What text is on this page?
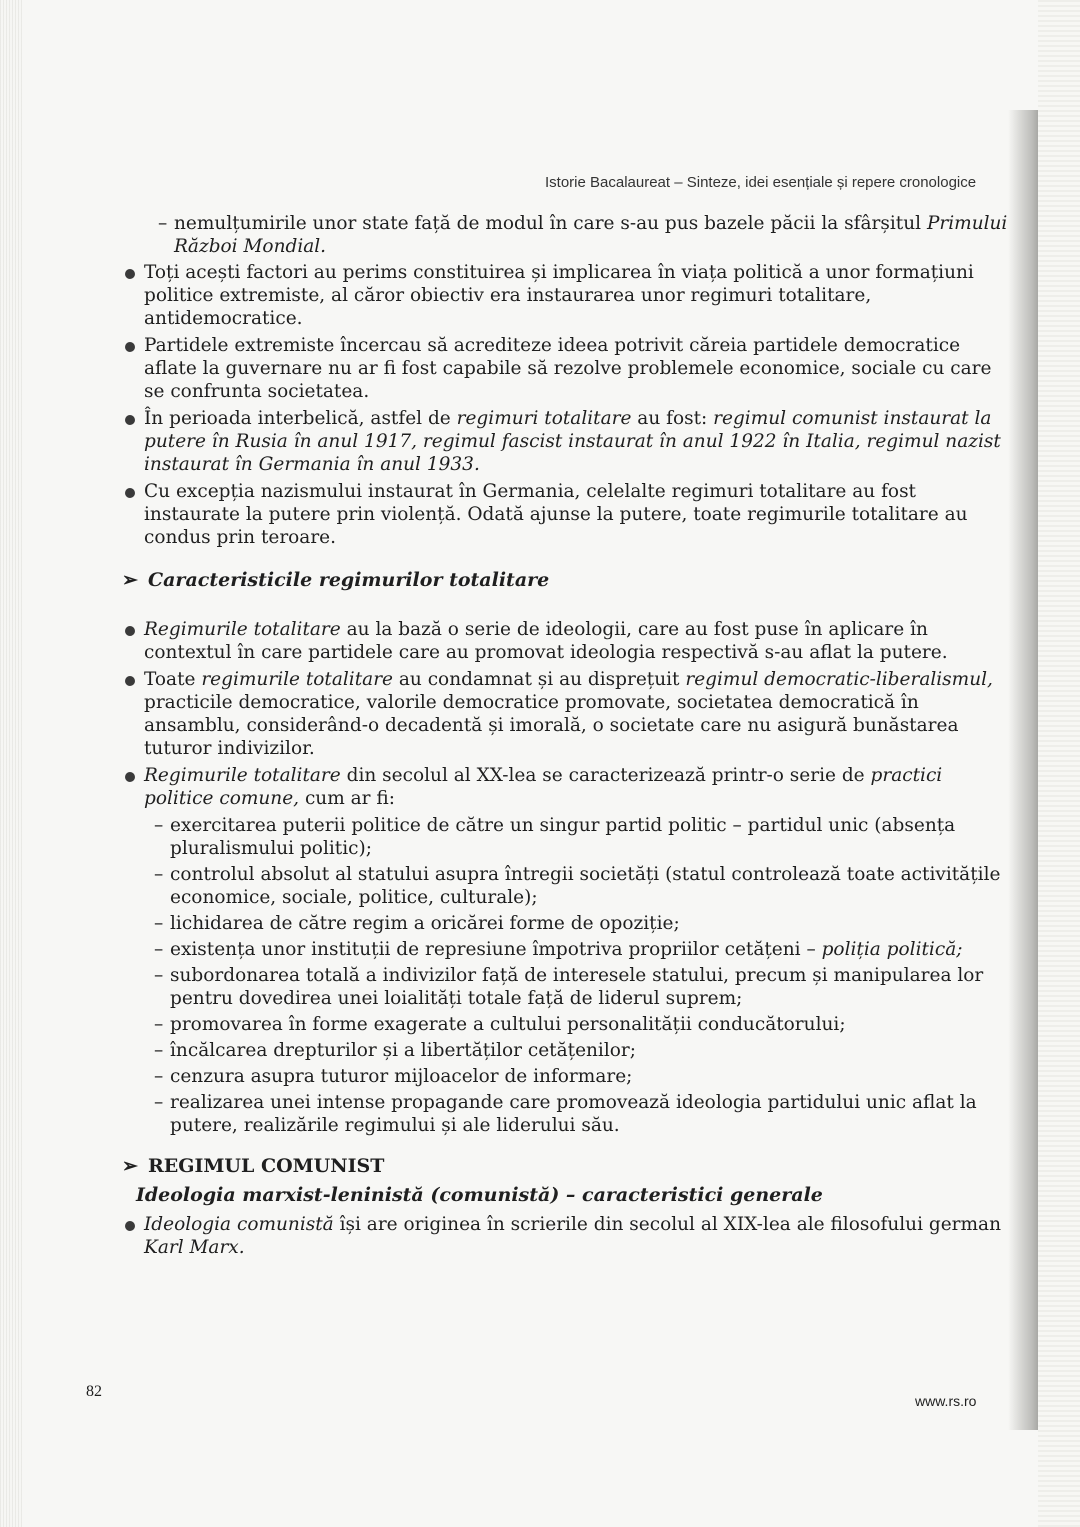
Istorie Bacalaureat – Sinteze, idei esențiale și repere cronologice
– nemulțumirile unor state față de modul în care s-au pus bazele păcii la sfârșitul Primului Război Mondial.
Toți acești factori au perims constituirea și implicarea în viața politică a unor formațiuni politice extremiste, al căror obiectiv era instaurarea unor regimuri totalitare, antidemocratice.
Partidele extremiste încercau să acrediteze ideea potrivit căreia partidele democratice aflate la guvernare nu ar fi fost capabile să rezolve problemele economice, sociale cu care se confrunta societatea.
În perioada interbelică, astfel de regimuri totalitare au fost: regimul comunist instaurat la putere în Rusia în anul 1917, regimul fascist instaurat în anul 1922 în Italia, regimul nazist instaurat în Germania în anul 1933.
Cu excepția nazismului instaurat în Germania, celelalte regimuri totalitare au fost instaurate la putere prin violență. Odată ajunse la putere, toate regimurile totalitare au condus prin teroare.
➢ Caracteristicile regimurilor totalitare
Regimurile totalitare au la bază o serie de ideologii, care au fost puse în aplicare în contextul în care partidele care au promovat ideologia respectivă s-au aflat la putere.
Toate regimurile totalitare au condamnat și au disprețuit regimul democratic-liberalismul, practicile democratice, valorile democratice promovate, societatea democratică în ansamblu, considerând-o decadentă și imorală, o societate care nu asigură bunăstarea tuturor indivizilor.
Regimurile totalitare din secolul al XX-lea se caracterizează printr-o serie de practici politice comune, cum ar fi:
– exercitarea puterii politice de către un singur partid politic – partidul unic (absența pluralismului politic);
– controlul absolut al statului asupra întregii societăți (statul controlează toate activitățile economice, sociale, politice, culturale);
– lichidarea de către regim a oricărei forme de opoziție;
– existența unor instituții de represiune împotriva propriilor cetățeni – poliția politică;
– subordonarea totală a indivizilor față de interesele statului, precum și manipularea lor pentru dovedirea unei loialități totale față de liderul suprem;
– promovarea în forme exagerate a cultului personalității conducătorului;
– încălcarea drepturilor și a libertăților cetățenilor;
– cenzura asupra tuturor mijloacelor de informare;
– realizarea unei intense propagande care promovează ideologia partidului unic aflat la putere, realizările regimului și ale liderului său.
➢ REGIMUL COMUNIST
Ideologia marxist-leninistă (comunistă) – caracteristici generale
Ideologia comunistă își are originea în scrierile din secolul al XIX-lea ale filosofului german Karl Marx.
82
www.rs.ro
